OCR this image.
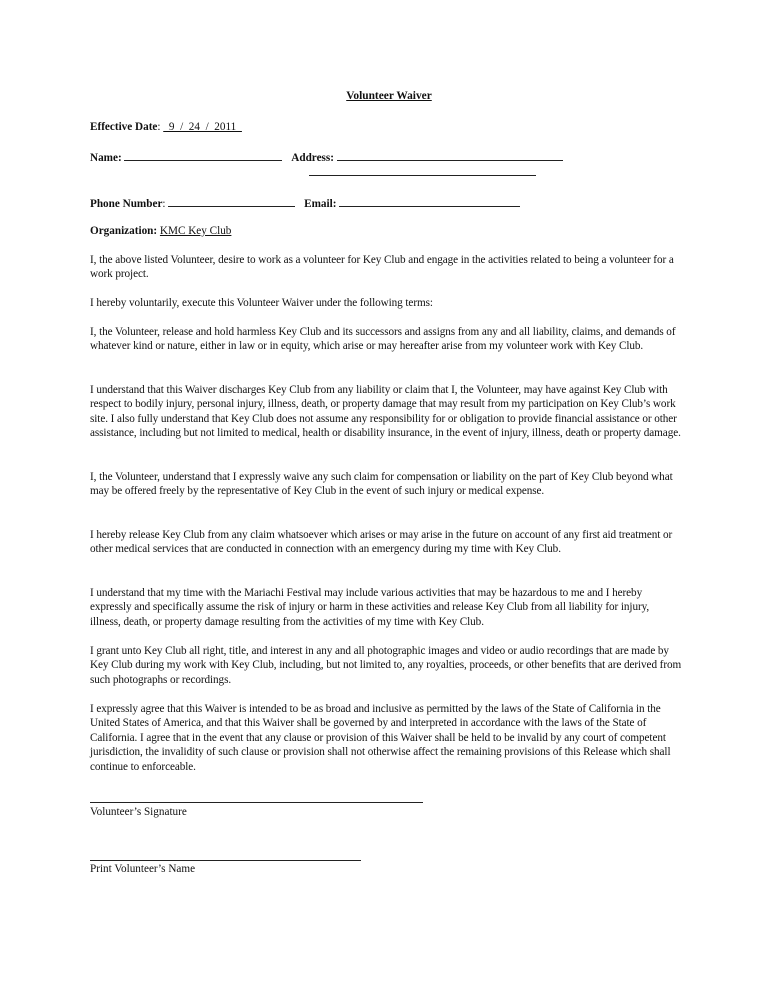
Volunteer Waiver
Effective Date: _9_/_24_/_2011_
Name:	Address:
Phone Number:	Email:
Organization: KMC Key Club

I, the above listed Volunteer, desire to work as a volunteer for Key Club and engage in the activities related to being a volunteer for a work project.

I hereby voluntarily, execute this Volunteer Waiver under the following terms:

I, the Volunteer, release and hold harmless Key Club and its successors and assigns from any and all liability, claims, and demands of whatever kind or nature, either in law or in equity, which arise or may hereafter arise from my volunteer work with Key Club.

I understand that this Waiver discharges Key Club from any liability or claim that I, the Volunteer, may have against Key Club with respect to bodily injury, personal injury, illness, death, or property damage that may result from my participation on Key Club’s work site. I also fully understand that Key Club does not assume any responsibility for or obligation to provide financial assistance or other assistance, including but not limited to medical, health or disability insurance, in the event of injury, illness, death or property damage.

I, the Volunteer, understand that I expressly waive any such claim for compensation or liability on the part of Key Club beyond what may be offered freely by the representative of Key Club in the event of such injury or medical expense.

I hereby release Key Club from any claim whatsoever which arises or may arise in the future on account of any first aid treatment or other medical services that are conducted in connection with an emergency during my time with Key Club.

I understand that my time with the Mariachi Festival may include various activities that may be hazardous to me and I hereby expressly and specifically assume the risk of injury or harm in these activities and release Key Club from all liability for injury, illness, death, or property damage resulting from the activities of my time with Key Club.

I grant unto Key Club all right, title, and interest in any and all photographic images and video or audio recordings that are made by Key Club during my work with Key Club, including, but not limited to, any royalties, proceeds, or other benefits that are derived from such photographs or recordings.

I expressly agree that this Waiver is intended to be as broad and inclusive as permitted by the laws of the State of California in the United States of America, and that this Waiver shall be governed by and interpreted in accordance with the laws of the State of California. I agree that in the event that any clause or provision of this Waiver shall be held to be invalid by any court of competent jurisdiction, the invalidity of such clause or provision shall not otherwise affect the remaining provisions of this Release which shall continue to enforceable.

Volunteer’s Signature
Print Volunteer’s Name
